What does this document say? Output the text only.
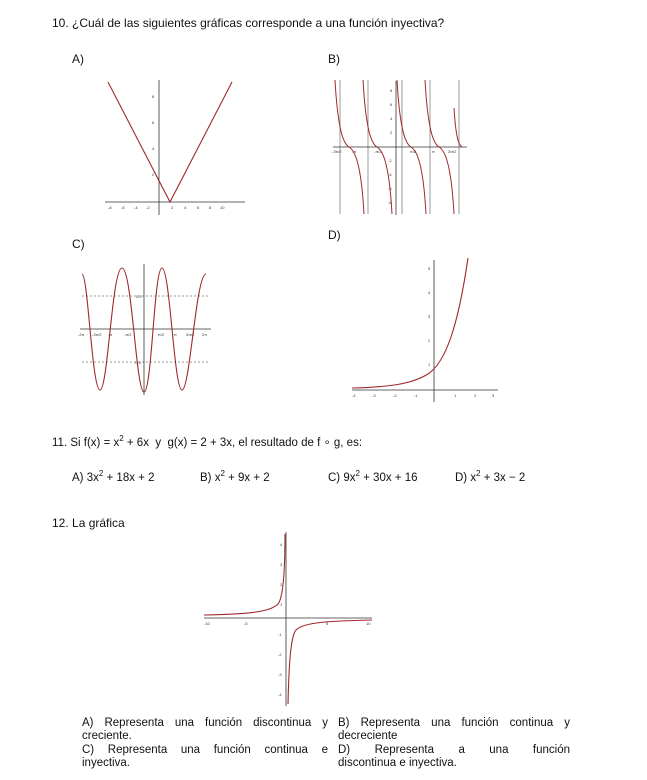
10. ¿Cuál de las siguientes gráficas corresponde a una función inyectiva?
A)	B)
C)
D)
-8 -6 -4 -2	2	4	6 8 10
8
6
4
2
-3π/2	-π	-π/2	π/2	π	3π/2
8
6
4
2
-2
-4
-6
-8
-2π -3π/2 -π	-π/2	π/2 π 3π/2 2π
0.5
-0.5
-4	-3	-2	-1	1	2	3
5
4
3
2
1
11. Si $f(x) = x^2 + 6x$ y g(x) = 2 + 3x, el resultado de f ∘ g, es:
A) $3x^2 + 18x + 2$	B) $x^2 + 9x + 2$	C) $9x^2 + 30x + 16$	D) $x^2 + 3x - 2$
12. La gráfica
-10	-5	5	10
4
3
2
1
-1
-2
-3
-4
A) Representa una función discontinua y
creciente.
B) Representa una función continua y
decreciente
C) Representa una función continua e
inyectiva.
D) Representa a una función
discontinua e inyectiva.
